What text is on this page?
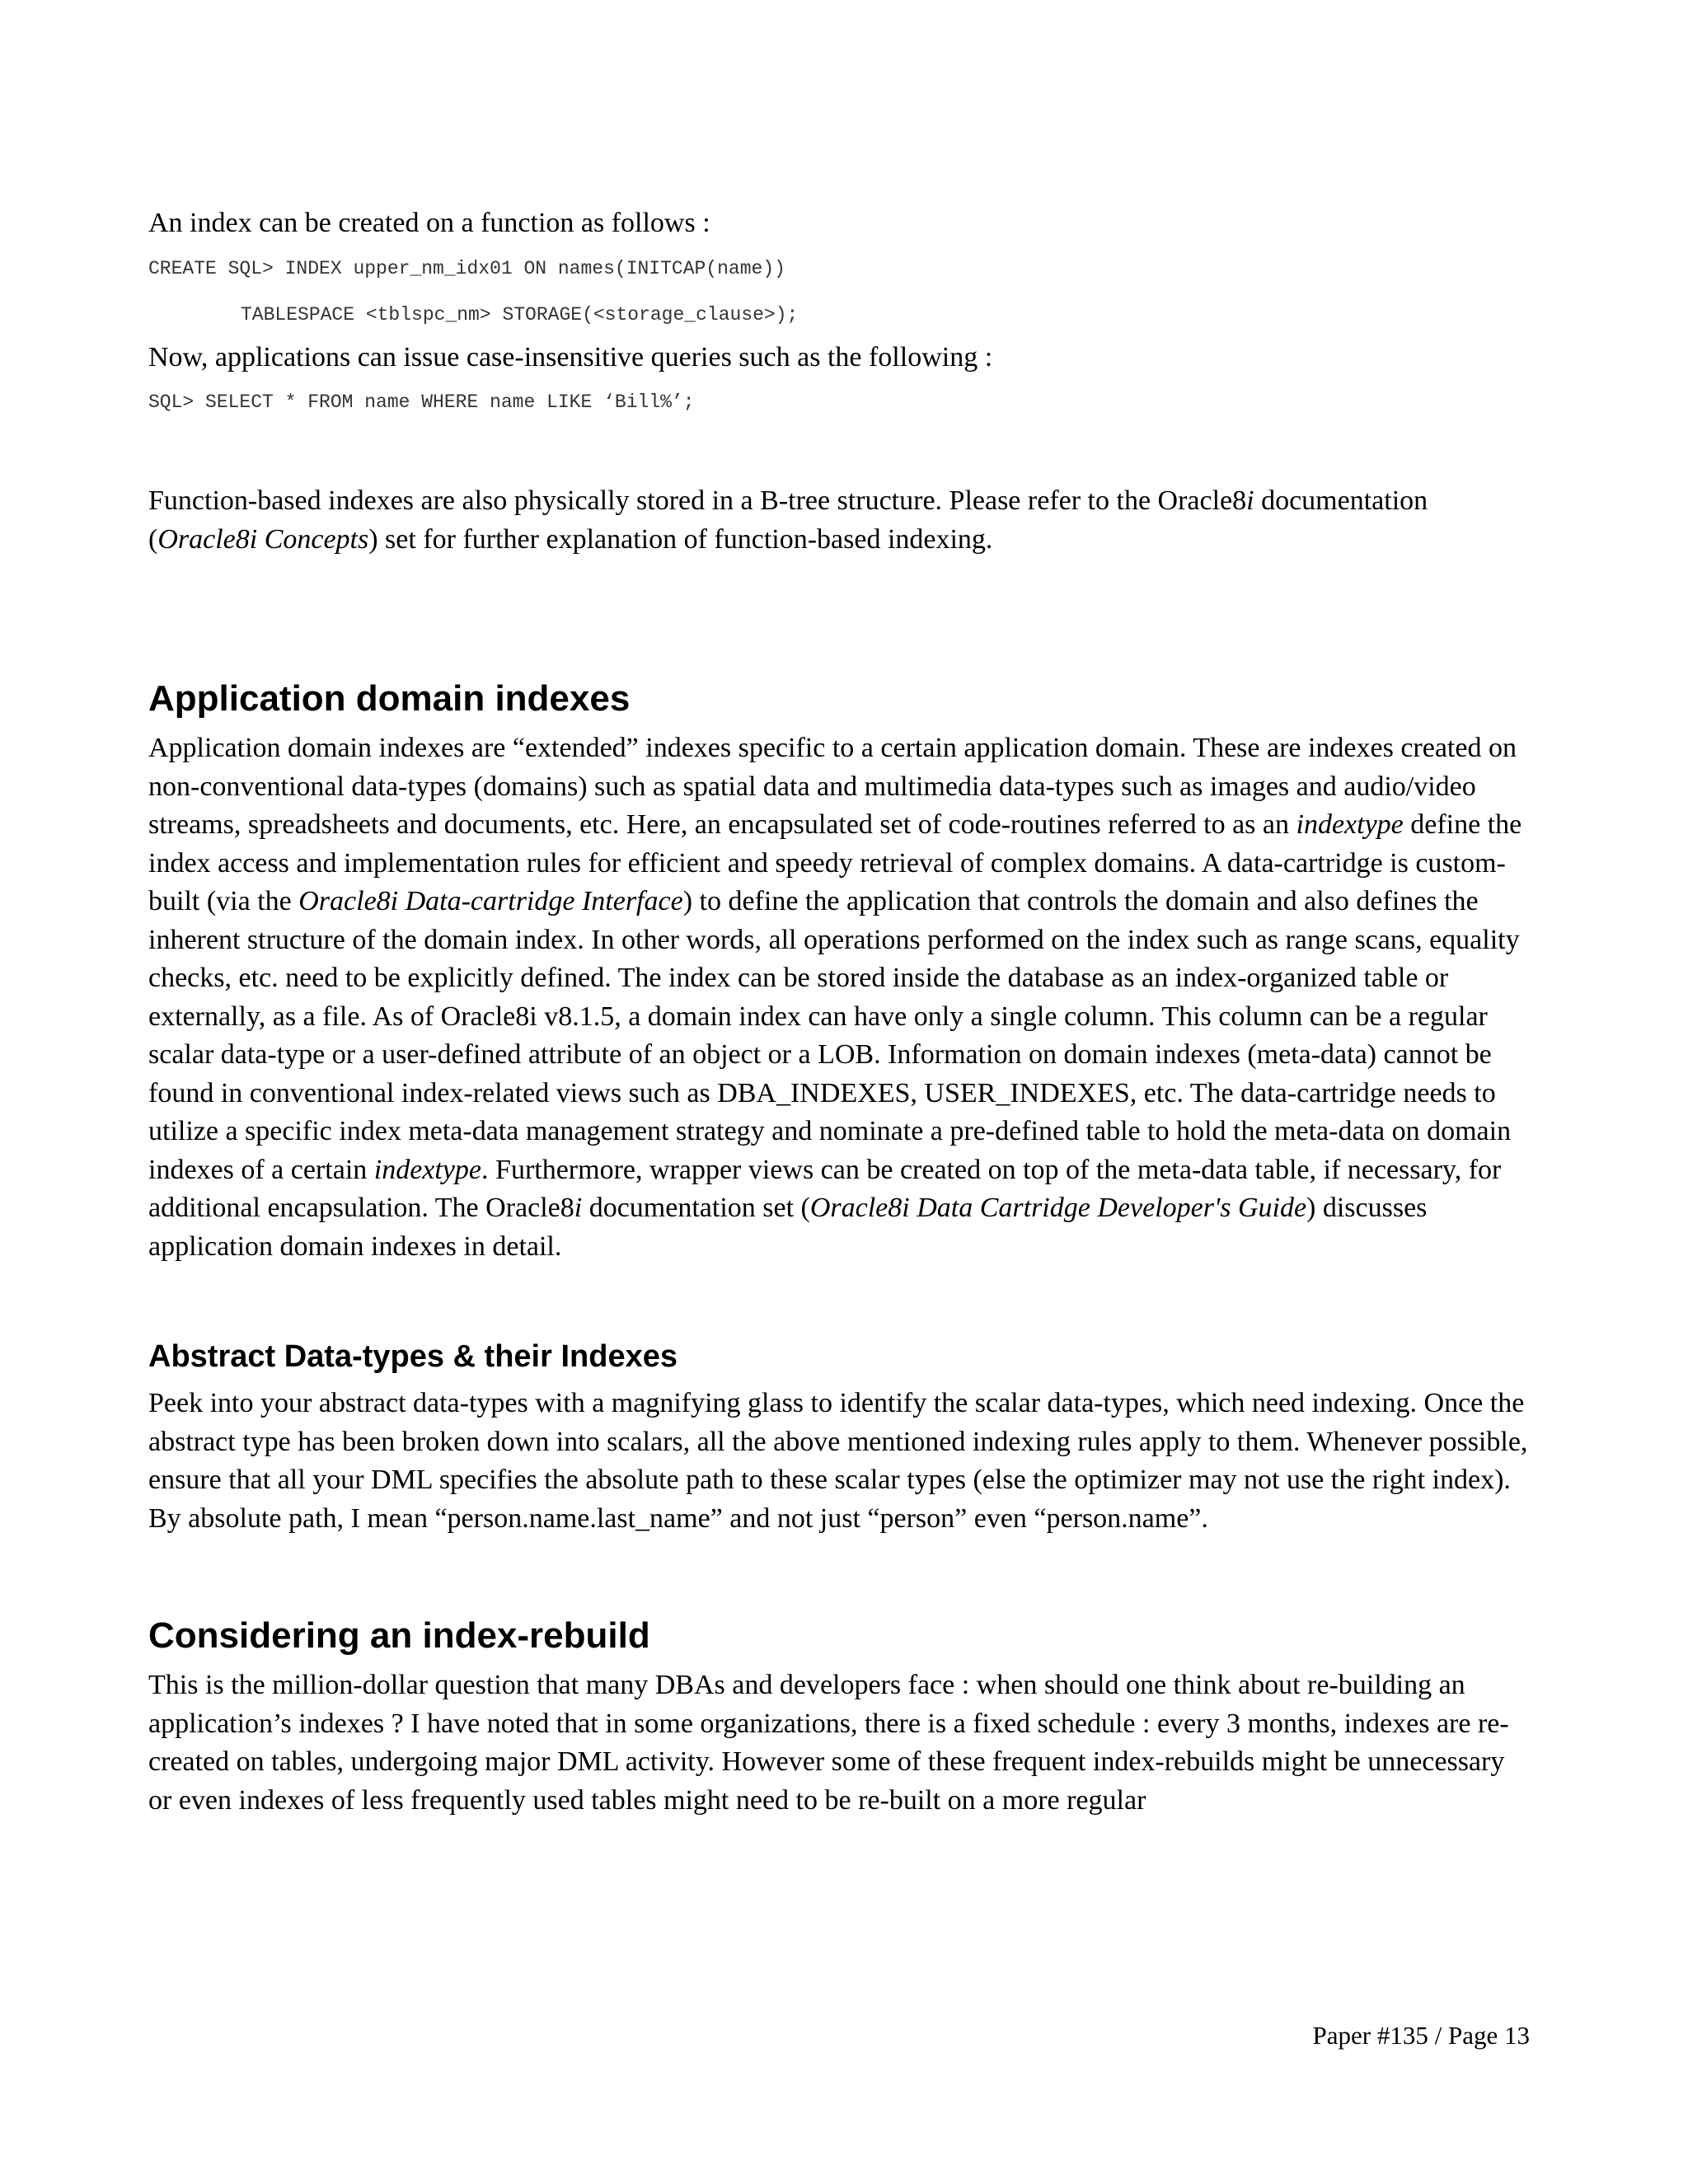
An index can be created on a function as follows :

CREATE SQL> INDEX upper_nm_idx01 ON names(INITCAP(name))

TABLESPACE <tblspc_nm> STORAGE(<storage_clause>);

Now, applications can issue case-insensitive queries such as the following :

SQL> SELECT * FROM name WHERE name LIKE ‘Bill%’;

Function-based indexes are also physically stored in a B-tree structure. Please refer to the Oracle8i documentation (Oracle8i Concepts) set for further explanation of function-based indexing.

Application domain indexes

Application domain indexes are “extended” indexes specific to a certain application domain. These are indexes created on non-conventional data-types (domains) such as spatial data and multimedia data-types such as images and audio/video streams, spreadsheets and documents, etc. Here, an encapsulated set of code-routines referred to as an indextype define the index access and implementation rules for efficient and speedy retrieval of complex domains. A data-cartridge is custom-built (via the Oracle8i Data-cartridge Interface) to define the application that controls the domain and also defines the inherent structure of the domain index. In other words, all operations performed on the index such as range scans, equality checks, etc. need to be explicitly defined. The index can be stored inside the database as an index-organized table or externally, as a file. As of Oracle8i v8.1.5, a domain index can have only a single column. This column can be a regular scalar data-type or a user-defined attribute of an object or a LOB. Information on domain indexes (meta-data) cannot be found in conventional index-related views such as DBA_INDEXES, USER_INDEXES, etc. The data-cartridge needs to utilize a specific index meta-data management strategy and nominate a pre-defined table to hold the meta-data on domain indexes of a certain indextype. Furthermore, wrapper views can be created on top of the meta-data table, if necessary, for additional encapsulation. The Oracle8i documentation set (Oracle8i Data Cartridge Developer's Guide) discusses application domain indexes in detail.

Abstract Data-types & their Indexes

Peek into your abstract data-types with a magnifying glass to identify the scalar data-types, which need indexing. Once the abstract type has been broken down into scalars, all the above mentioned indexing rules apply to them. Whenever possible, ensure that all your DML specifies the absolute path to these scalar types (else the optimizer may not use the right index). By absolute path, I mean “person.name.last_name” and not just “person” even “person.name”.

Considering an index-rebuild

This is the million-dollar question that many DBAs and developers face : when should one think about re-building an application’s indexes ? I have noted that in some organizations, there is a fixed schedule : every 3 months, indexes are re-created on tables, undergoing major DML activity. However some of these frequent index-rebuilds might be unnecessary or even indexes of less frequently used tables might need to be re-built on a more regular

Paper #135 / Page 13
